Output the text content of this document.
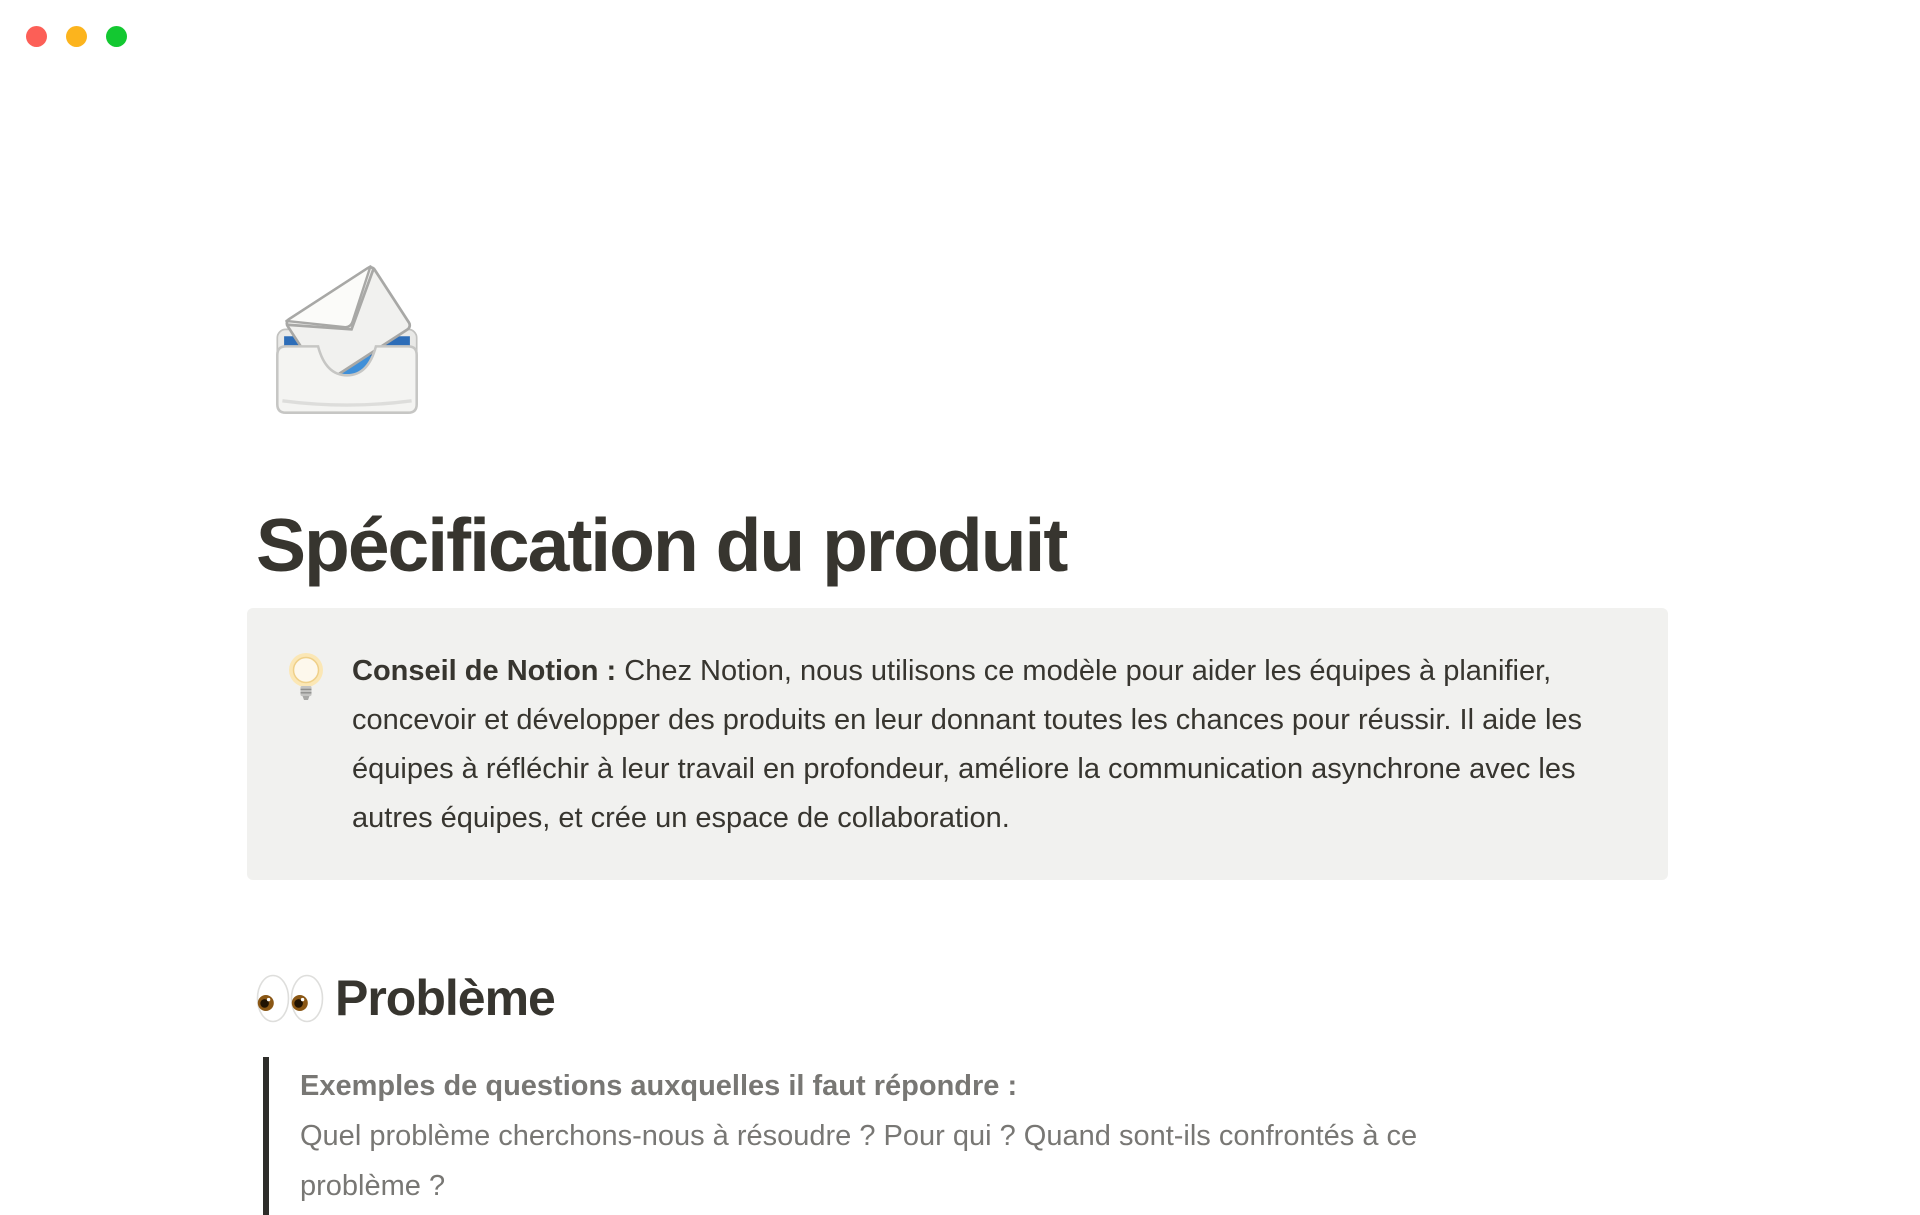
Spécification du produit

Conseil de Notion : Chez Notion, nous utilisons ce modèle pour aider les équipes à planifier, concevoir et développer des produits en leur donnant toutes les chances pour réussir. Il aide les équipes à réfléchir à leur travail en profondeur, améliore la communication asynchrone avec les autres équipes, et crée un espace de collaboration.

Problème

Exemples de questions auxquelles il faut répondre :

Quel problème cherchons-nous à résoudre ? Pour qui ? Quand sont-ils confrontés à ce problème ?
